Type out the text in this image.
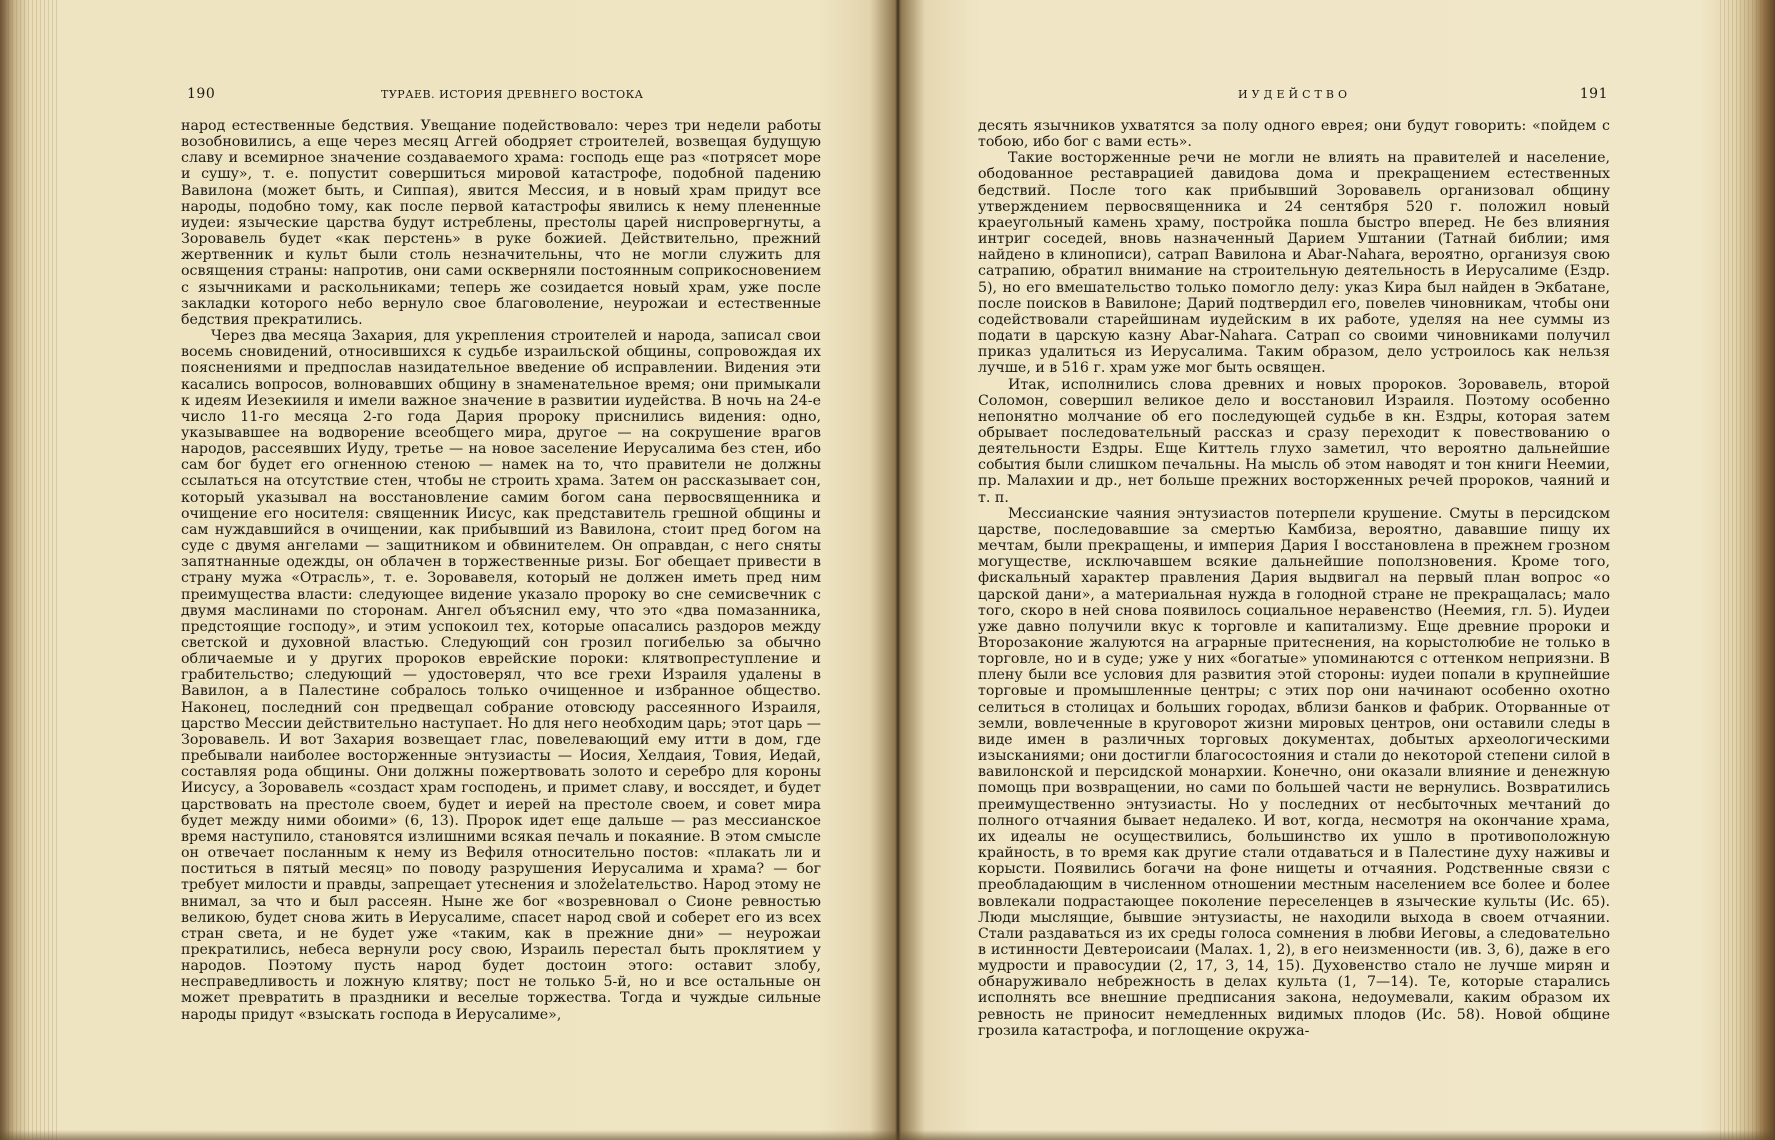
190	ТУРАЕВ. ИСТОРИЯ ДРЕВНЕГО ВОСТОКА

народ естественные бедствия. Увещание подействовало: через три недели работы возобновились, а еще через месяц Аггей ободряет строителей, возвещая будущую славу и всемирное значение создаваемого храма: господь еще раз «потрясет море и сушу», т. е. попустит совершиться мировой катастрофе, подобной падению Вавилона (может быть, и Сиппая), явится Мессия, и в новый храм придут все народы, подобно тому, как после первой катастрофы явились к нему плененные иудеи: языческие царства будут истреблены, престолы царей ниспровергнуты, а Зоровавель будет «как перстень» в руке божией. Действительно, прежний жертвенник и культ были столь незначительны, что не могли служить для освящения страны: напротив, они сами оскверняли постоянным соприкосновением с язычниками и раскольниками; теперь же созидается новый храм, уже после закладки которого небо вернуло свое благоволение, неурожаи и естественные бедствия прекратились.

Через два месяца Захария, для укрепления строителей и народа, записал свои восемь сновидений, относившихся к судьбе израильской общины, сопровождая их пояснениями и предпослав назидательное введение об исправлении. Видения эти касались вопросов, волновавших общину в знаменательное время; они примыкали к идеям Иезекииля и имели важное значение в развитии иудейства. В ночь на 24-е число 11-го месяца 2-го года Дария пророку приснились видения: одно, указывавшее на водворение всеобщего мира, другое — на сокрушение врагов народов, рассеявших Иуду, третье — на новое заселение Иерусалима без стен, ибо сам бог будет его огненною стеною — намек на то, что правители не должны ссылаться на отсутствие стен, чтобы не строить храма. Затем он рассказывает сон, который указывал на восстановление самим богом сана первосвященника и очищение его носителя: священник Иисус, как представитель грешной общины и сам нуждавшийся в очищении, как прибывший из Вавилона, стоит пред богом на суде с двумя ангелами — защитником и обвинителем. Он оправдан, с него сняты запятнанные одежды, он облачен в торжественные ризы. Бог обещает привести в страну мужа «Отрасль», т. е. Зоровавеля, который не должен иметь пред ним преимущества власти: следующее видение указало пророку во сне семисвечник с двумя маслинами по сторонам. Ангел объяснил ему, что это «два помазанника, предстоящие господу», и этим успокоил тех, которые опасались раздоров между светской и духовной властью. Следующий сон грозил погибелью за обычно обличаемые и у других пророков еврейские пороки: клятвопреступление и грабительство; следующий — удостоверял, что все грехи Израиля удалены в Вавилон, а в Палестине собралось только очищенное и избранное общество. Наконец, последний сон предвещал собрание отовсюду рассеянного Израиля, царство Мессии действительно наступает. Но для него необходим царь; этот царь — Зоровавель. И вот Захария возвещает глас, повелевающий ему итти в дом, где пребывали наиболее восторженные энтузиасты — Иосия, Хелдаия, Товия, Иедай, составляя рода общины. Они должны пожертвовать золото и серебро для короны Иисусу, а Зоровавель «создаст храм господень, и примет славу, и воссядет, и будет царствовать на престоле своем, будет и иерей на престоле своем, и совет мира будет между ними обоими» (6, 13). Пророк идет еще дальше — раз мессианское время наступило, становятся излишними всякая печаль и покаяние. В этом смысле он отвечает посланным к нему из Вефиля относительно постов: «плакать ли и поститься в пятый месяц» по поводу разрушения Иерусалима и храма? — бог требует милости и правды, запрещает утеснения и злоželательство. Народ этому не внимал, за что и был рассеян. Ныне же бог «возревновал о Сионе ревностью великою, будет снова жить в Иерусалиме, спасет народ свой и соберет его из всех стран света, и не будет уже «таким, как в прежние дни» — неурожаи прекратились, небеса вернули росу свою, Израиль перестал быть проклятием у народов. Поэтому пусть народ будет достоин этого: оставит злобу, несправедливость и ложную клятву; пост не только 5-й, но и все остальные он может превратить в праздники и веселые торжества. Тогда и чуждые сильные народы придут «взыскать господа в Иерусалиме»,

ИУДЕЙСТВО	191

десять язычников ухватятся за полу одного еврея; они будут говорить: «пойдем с тобою, ибо бог с вами есть».

Такие восторженные речи не могли не влиять на правителей и население, ободованное реставрацией давидова дома и прекращением естественных бедствий. После того как прибывший Зоровавель организовал общину утверждением первосвященника и 24 сентября 520 г. положил новый краеугольный камень храму, постройка пошла быстро вперед. Не без влияния интриг соседей, вновь назначенный Дарием Уштании (Татнай библии; имя найдено в клинописи), сатрап Вавилона и Abar-Nahara, вероятно, организуя свою сатрапию, обратил внимание на строительную деятельность в Иерусалиме (Ездр. 5), но его вмешательство только помогло делу: указ Кира был найден в Экбатане, после поисков в Вавилоне; Дарий подтвердил его, повелев чиновникам, чтобы они содействовали старейшинам иудейским в их работе, уделяя на нее суммы из подати в царскую казну Abar-Nahara. Сатрап со своими чиновниками получил приказ удалиться из Иерусалима. Таким образом, дело устроилось как нельзя лучше, и в 516 г. храм уже мог быть освящен.

Итак, исполнились слова древних и новых пророков. Зоровавель, второй Соломон, совершил великое дело и восстановил Израиля. Поэтому особенно непонятно молчание об его последующей судьбе в кн. Ездры, которая затем обрывает последовательный рассказ и сразу переходит к повествованию о деятельности Ездры. Еще Киттель глухо заметил, что вероятно дальнейшие события были слишком печальны. На мысль об этом наводят и тон книги Неемии, пр. Малахии и др., нет больше прежних восторженных речей пророков, чаяний и т. п.

Мессианские чаяния энтузиастов потерпели крушение. Смуты в персидском царстве, последовавшие за смертью Камбиза, вероятно, дававшие пищу их мечтам, были прекращены, и империя Дария I восстановлена в прежнем грозном могуществе, исключавшем всякие дальнейшие поползновения. Кроме того, фискальный характер правления Дария выдвигал на первый план вопрос «о царской дани», а материальная нужда в голодной стране не прекращалась; мало того, скоро в ней снова появилось социальное неравенство (Неемия, гл. 5). Иудеи уже давно получили вкус к торговле и капитализму. Еще древние пророки и Второзаконие жалуются на аграрные притеснения, на корыстолюбие не только в торговле, но и в суде; уже у них «богатые» упоминаются с оттенком неприязни. В плену были все условия для развития этой стороны: иудеи попали в крупнейшие торговые и промышленные центры; с этих пор они начинают особенно охотно селиться в столицах и больших городах, вблизи банков и фабрик. Оторванные от земли, вовлеченные в круговорот жизни мировых центров, они оставили следы в виде имен в различных торговых документах, добытых археологическими изысканиями; они достигли благосостояния и стали до некоторой степени силой в вавилонской и персидской монархии. Конечно, они оказали влияние и денежную помощь при возвращении, но сами по большей части не вернулись. Возвратились преимущественно энтузиасты. Но у последних от несбыточных мечтаний до полного отчаяния бывает недалеко. И вот, когда, несмотря на окончание храма, их идеалы не осуществились, большинство их ушло в противоположную крайность, в то время как другие стали отдаваться и в Палестине духу наживы и корысти. Появились богачи на фоне нищеты и отчаяния. Родственные связи с преобладающим в численном отношении местным населением все более и более вовлекали подрастающее поколение переселенцев в языческие культы (Ис. 65). Люди мыслящие, бывшие энтузиасты, не находили выхода в своем отчаянии. Стали раздаваться из их среды голоса сомнения в любви Иеговы, а следовательно в истинности Девтероисаии (Малах. 1, 2), в его неизменности (ив. 3, 6), даже в его мудрости и правосудии (2, 17, 3, 14, 15). Духовенство стало не лучше мирян и обнаруживало небрежность в делах культа (1, 7—14). Те, которые старались исполнять все внешние предписания закона, недоумевали, каким образом их ревность не приносит немедленных видимых плодов (Ис. 58). Новой общине грозила катастрофа, и поглощение окружа-
